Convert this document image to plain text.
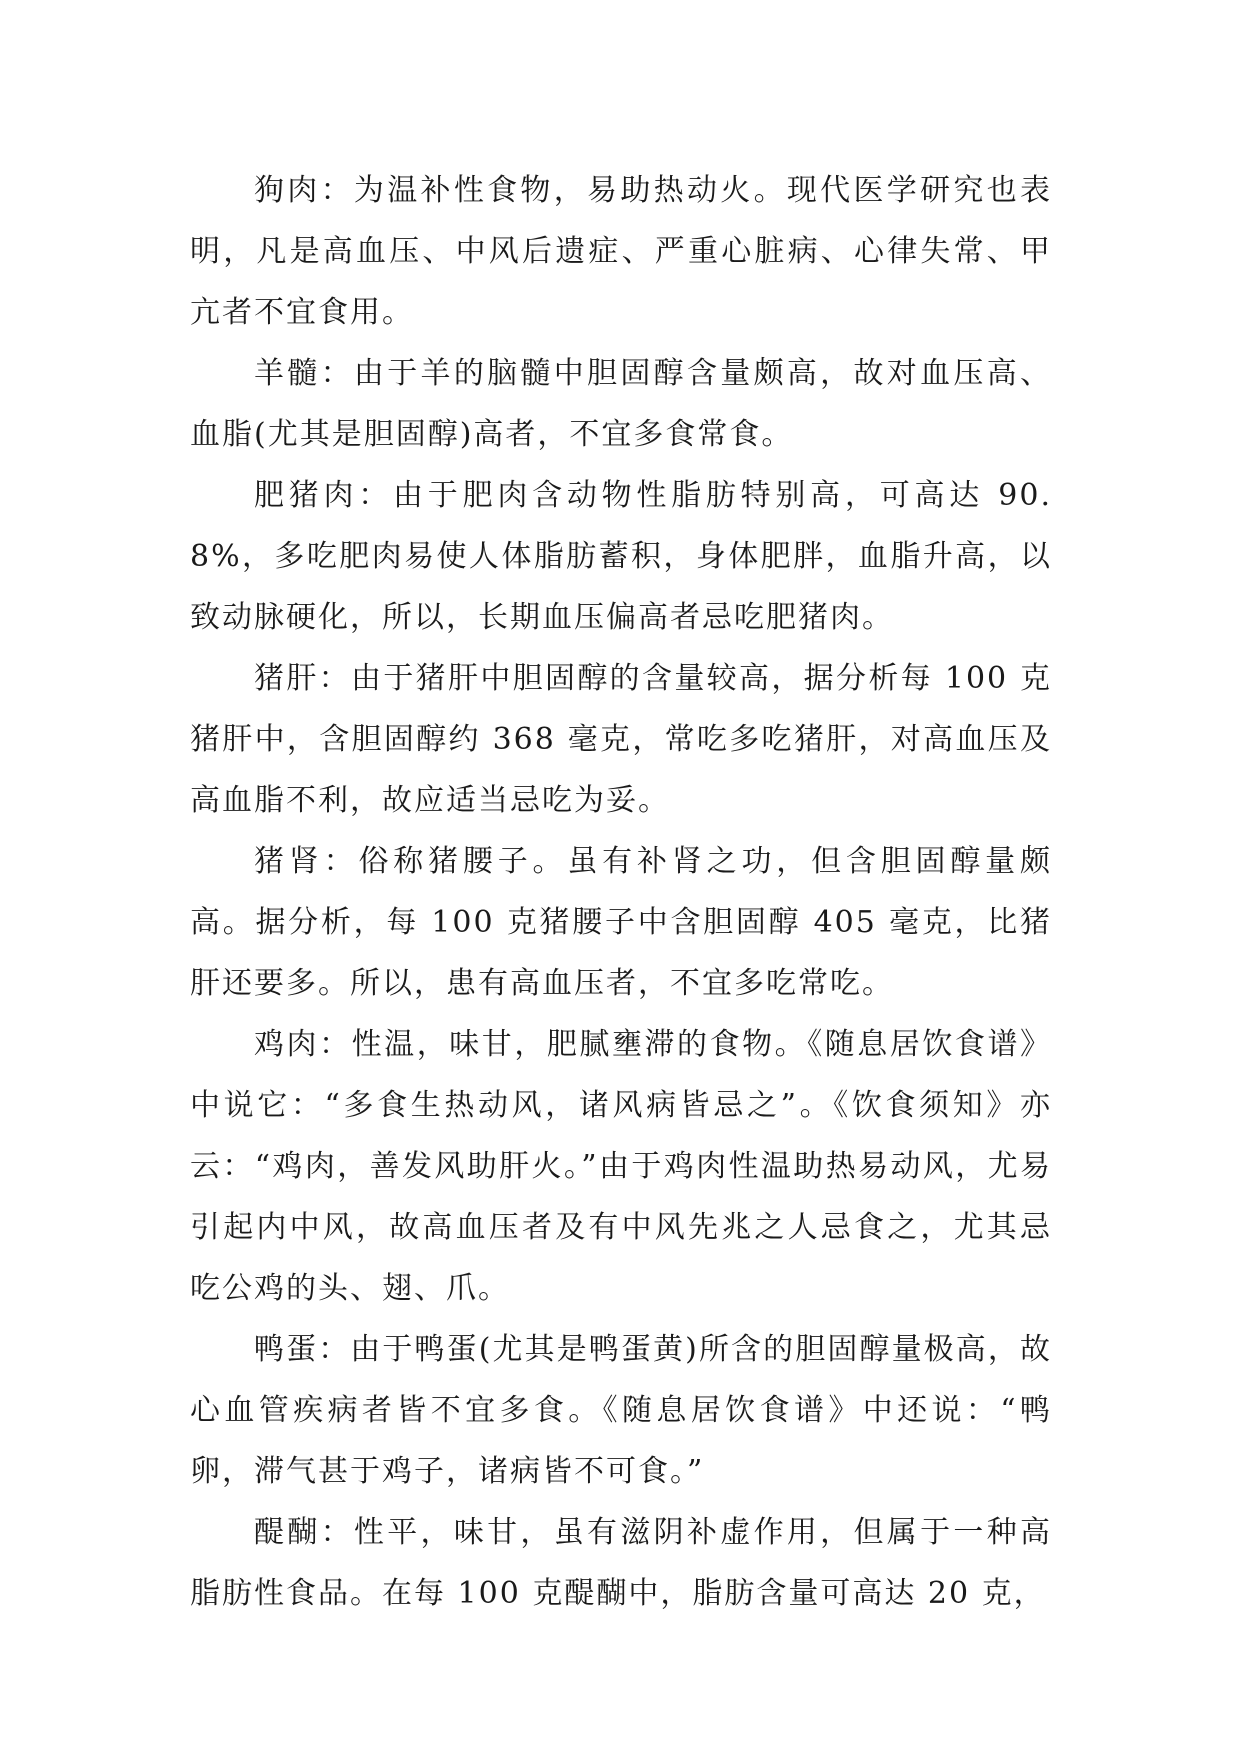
狗肉：为温补性食物，易助热动火。现代医学研究也表明，凡是高血压、中风后遗症、严重心脏病、心律失常、甲亢者不宜食用。

羊髓：由于羊的脑髓中胆固醇含量颇高，故对血压高、血脂(尤其是胆固醇)高者，不宜多食常食。

肥猪肉：由于肥肉含动物性脂肪特别高，可高达 90.8%，多吃肥肉易使人体脂肪蓄积，身体肥胖，血脂升高，以致动脉硬化，所以，长期血压偏高者忌吃肥猪肉。

猪肝：由于猪肝中胆固醇的含量较高，据分析每 100 克猪肝中，含胆固醇约 368 毫克，常吃多吃猪肝，对高血压及高血脂不利，故应适当忌吃为妥。

猪肾：俗称猪腰子。虽有补肾之功，但含胆固醇量颇高。据分析，每 100 克猪腰子中含胆固醇 405 毫克，比猪肝还要多。所以，患有高血压者，不宜多吃常吃。

鸡肉：性温，味甘，肥腻壅滞的食物。《随息居饮食谱》中说它：“多食生热动风，诸风病皆忌之”。《饮食须知》亦云：“鸡肉，善发风助肝火。”由于鸡肉性温助热易动风，尤易引起内中风，故高血压者及有中风先兆之人忌食之，尤其忌吃公鸡的头、翅、爪。

鸭蛋：由于鸭蛋(尤其是鸭蛋黄)所含的胆固醇量极高，故心血管疾病者皆不宜多食。《随息居饮食谱》中还说：“鸭卵，滞气甚于鸡子，诸病皆不可食。”

醍醐：性平，味甘，虽有滋阴补虚作用，但属于一种高脂肪性食品。在每 100 克醍醐中，脂肪含量可高达 20 克，
